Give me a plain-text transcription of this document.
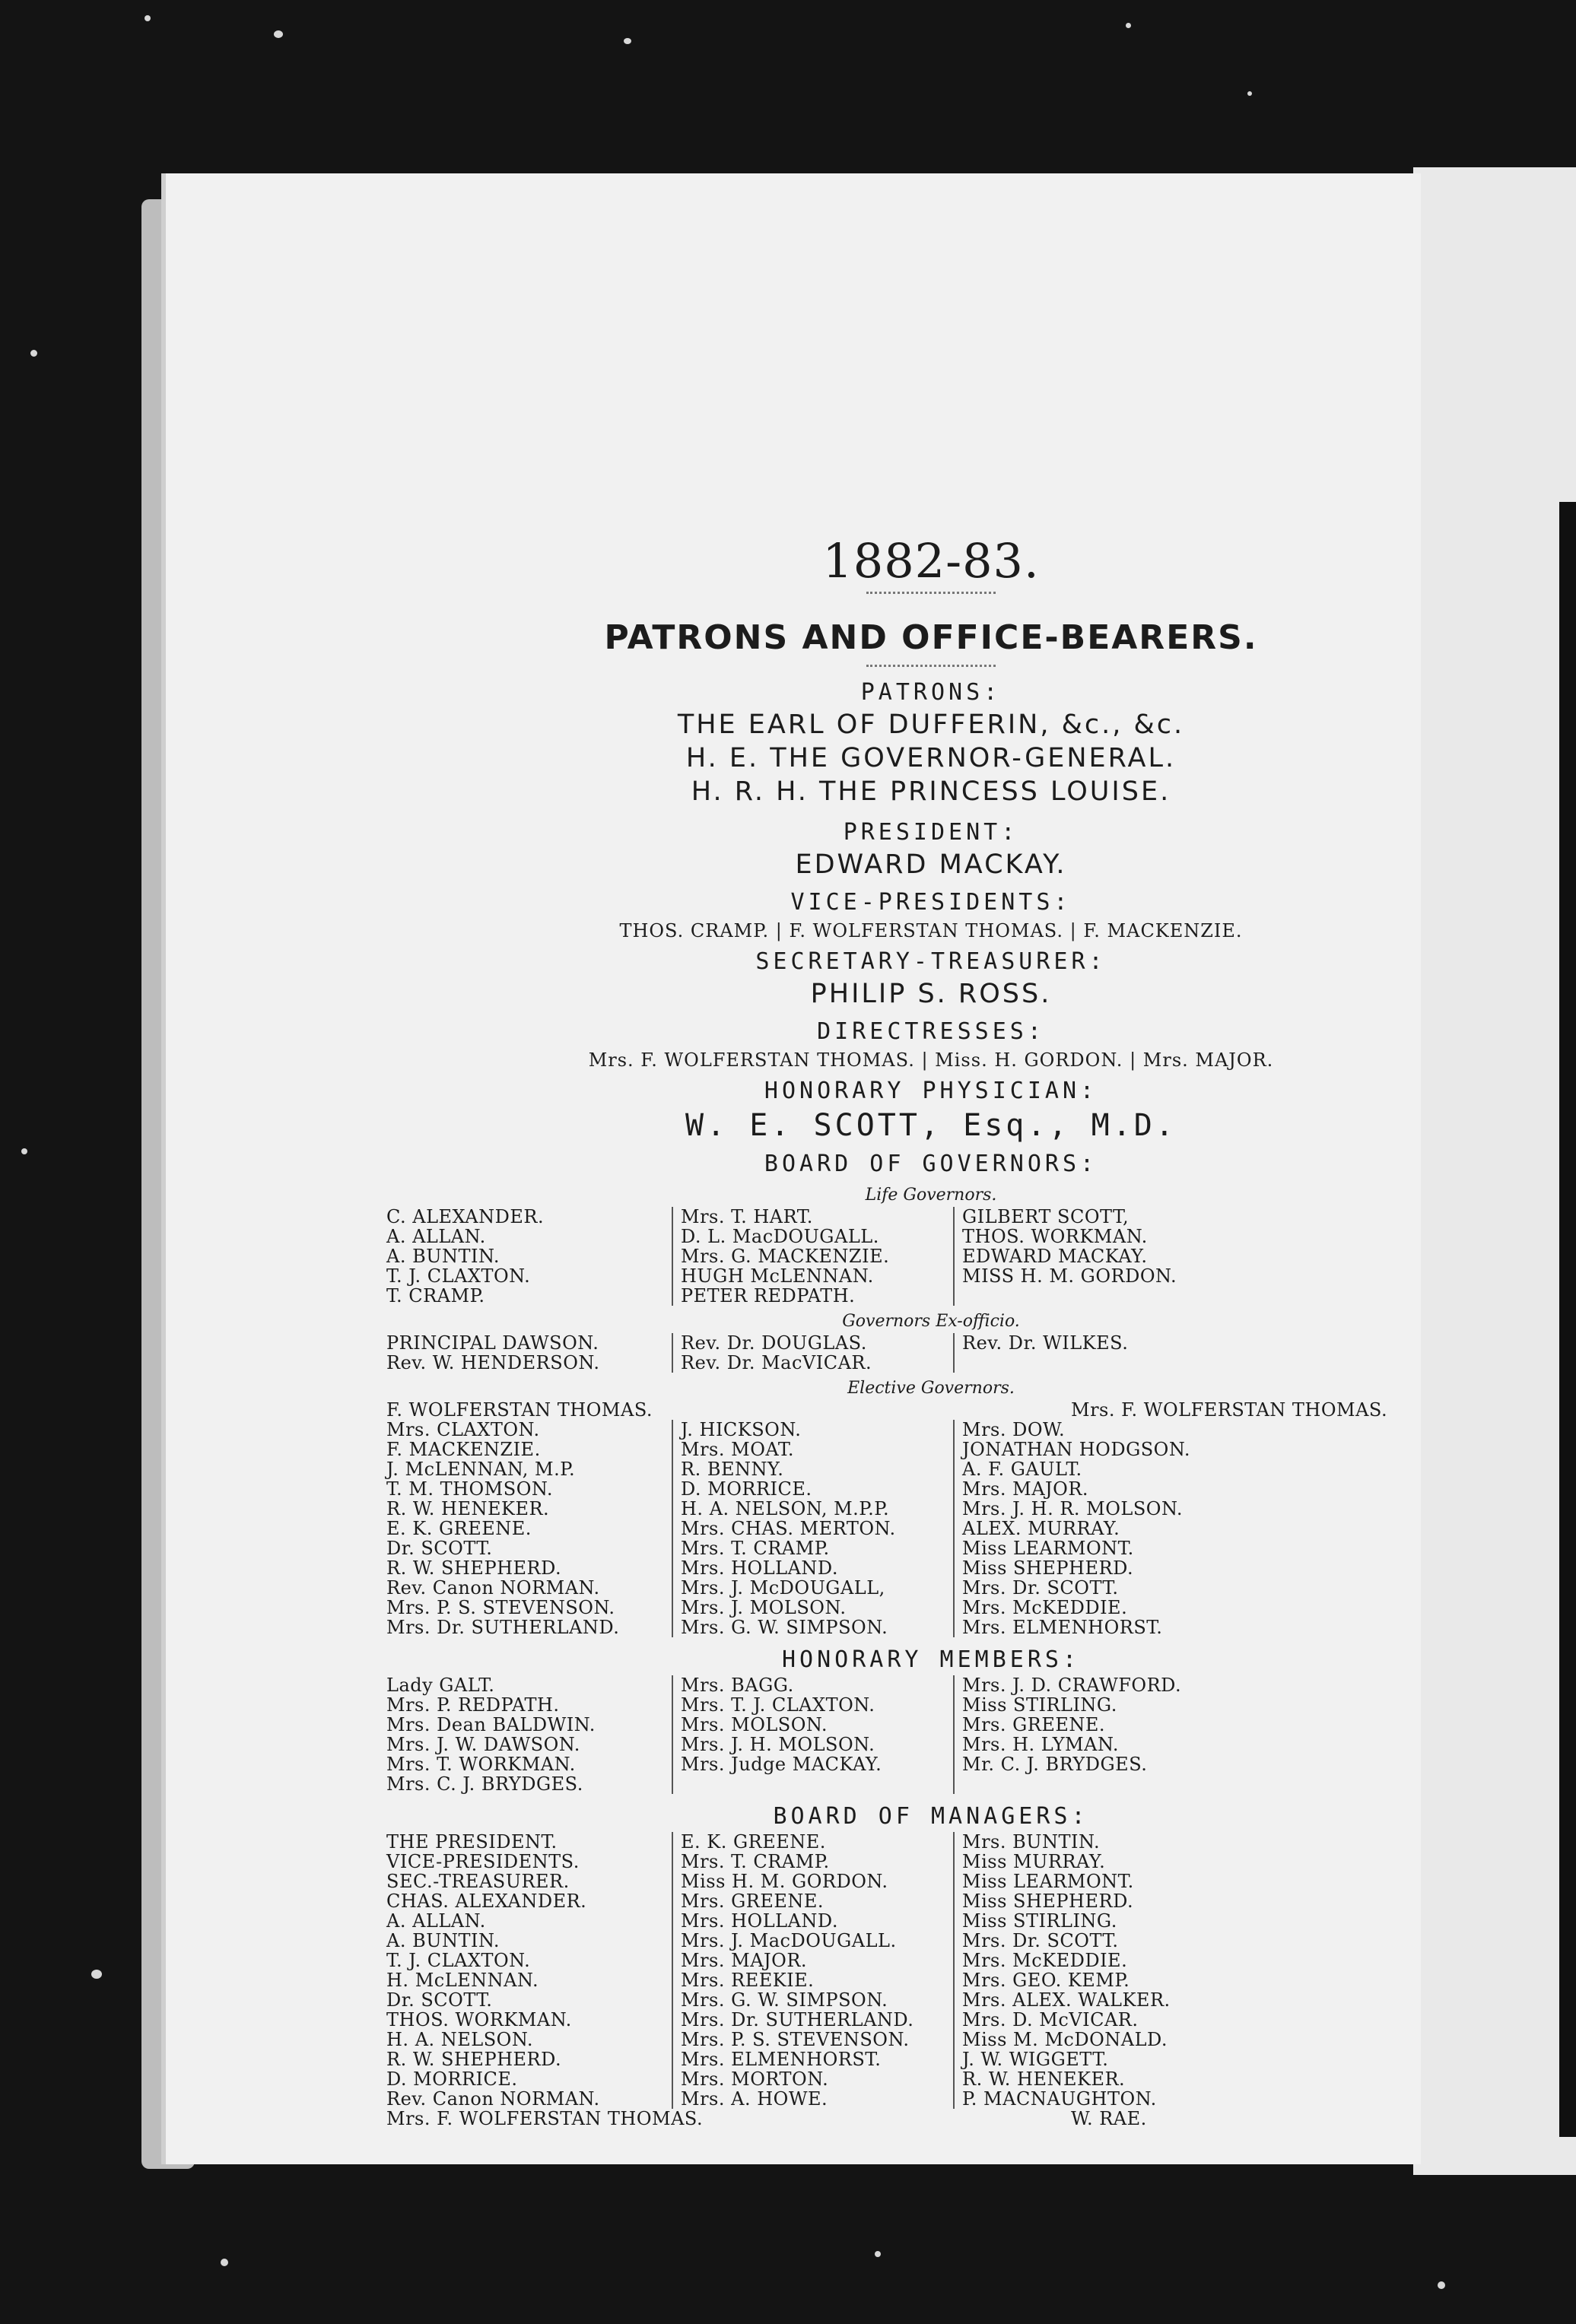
1882-83.
PATRONS AND OFFICE-BEARERS.
PATRONS:
THE EARL OF DUFFERIN, &c., &c.
H. E. THE GOVERNOR-GENERAL.
H. R. H. THE PRINCESS LOUISE.
PRESIDENT:
EDWARD MACKAY.
VICE-PRESIDENTS:
THOS. CRAMP. | F. WOLFERSTAN THOMAS. | F. MACKENZIE.
SECRETARY-TREASURER:
PHILIP S. ROSS.
DIRECTRESSES:
Mrs. F. WOLFERSTAN THOMAS. | Miss. H. GORDON. | Mrs. MAJOR.
HONORARY PHYSICIAN:
W. E. SCOTT, Esq., M.D.
BOARD OF GOVERNORS:
Life Governors.
C. ALEXANDER.
A. ALLAN.
A. BUNTIN.
T. J. CLAXTON.
T. CRAMP.
Mrs. T. HART.
D. L. MacDOUGALL.
Mrs. G. MACKENZIE.
HUGH McLENNAN.
PETER REDPATH.
GILBERT SCOTT,
THOS. WORKMAN.
EDWARD MACKAY.
MISS H. M. GORDON.
Governors Ex-officio.
PRINCIPAL DAWSON.
Rev. W. HENDERSON.
Rev. Dr. DOUGLAS.
Rev. Dr. MacVICAR.
Rev. Dr. WILKES.
Elective Governors.
F. WOLFERSTAN THOMAS.	Mrs. F. WOLFERSTAN THOMAS.
Mrs. CLAXTON.
F. MACKENZIE.
J. McLENNAN, M.P.
T. M. THOMSON.
R. W. HENEKER.
E. K. GREENE.
Dr. SCOTT.
R. W. SHEPHERD.
Rev. Canon NORMAN.
Mrs. P. S. STEVENSON.
Mrs. Dr. SUTHERLAND.
J. HICKSON.
Mrs. MOAT.
R. BENNY.
D. MORRICE.
H. A. NELSON, M.P.P.
Mrs. CHAS. MERTON.
Mrs. T. CRAMP.
Mrs. HOLLAND.
Mrs. J. McDOUGALL,
Mrs. J. MOLSON.
Mrs. G. W. SIMPSON.
Mrs. DOW.
JONATHAN HODGSON.
A. F. GAULT.
Mrs. MAJOR.
Mrs. J. H. R. MOLSON.
ALEX. MURRAY.
Miss LEARMONT.
Miss SHEPHERD.
Mrs. Dr. SCOTT.
Mrs. McKEDDIE.
Mrs. ELMENHORST.
HONORARY MEMBERS:
Lady GALT.
Mrs. P. REDPATH.
Mrs. Dean BALDWIN.
Mrs. J. W. DAWSON.
Mrs. T. WORKMAN.
Mrs. C. J. BRYDGES.
Mrs. BAGG.
Mrs. T. J. CLAXTON.
Mrs. MOLSON.
Mrs. J. H. MOLSON.
Mrs. Judge MACKAY.
Mrs. J. D. CRAWFORD.
Miss STIRLING.
Mrs. GREENE.
Mrs. H. LYMAN.
Mr. C. J. BRYDGES.
BOARD OF MANAGERS:
THE PRESIDENT.
VICE-PRESIDENTS.
SEC.-TREASURER.
CHAS. ALEXANDER.
A. ALLAN.
A. BUNTIN.
T. J. CLAXTON.
H. McLENNAN.
Dr. SCOTT.
THOS. WORKMAN.
H. A. NELSON.
R. W. SHEPHERD.
D. MORRICE.
Rev. Canon NORMAN.
E. K. GREENE.
Mrs. T. CRAMP.
Miss H. M. GORDON.
Mrs. GREENE.
Mrs. HOLLAND.
Mrs. J. MacDOUGALL.
Mrs. MAJOR.
Mrs. REEKIE.
Mrs. G. W. SIMPSON.
Mrs. Dr. SUTHERLAND.
Mrs. P. S. STEVENSON.
Mrs. ELMENHORST.
Mrs. MORTON.
Mrs. A. HOWE.
Mrs. BUNTIN.
Miss MURRAY.
Miss LEARMONT.
Miss SHEPHERD.
Miss STIRLING.
Mrs. Dr. SCOTT.
Mrs. McKEDDIE.
Mrs. GEO. KEMP.
Mrs. ALEX. WALKER.
Mrs. D. McVICAR.
Miss M. McDONALD.
J. W. WIGGETT.
R. W. HENEKER.
P. MACNAUGHTON.
Mrs. F. WOLFERSTAN THOMAS.	W. RAE.
